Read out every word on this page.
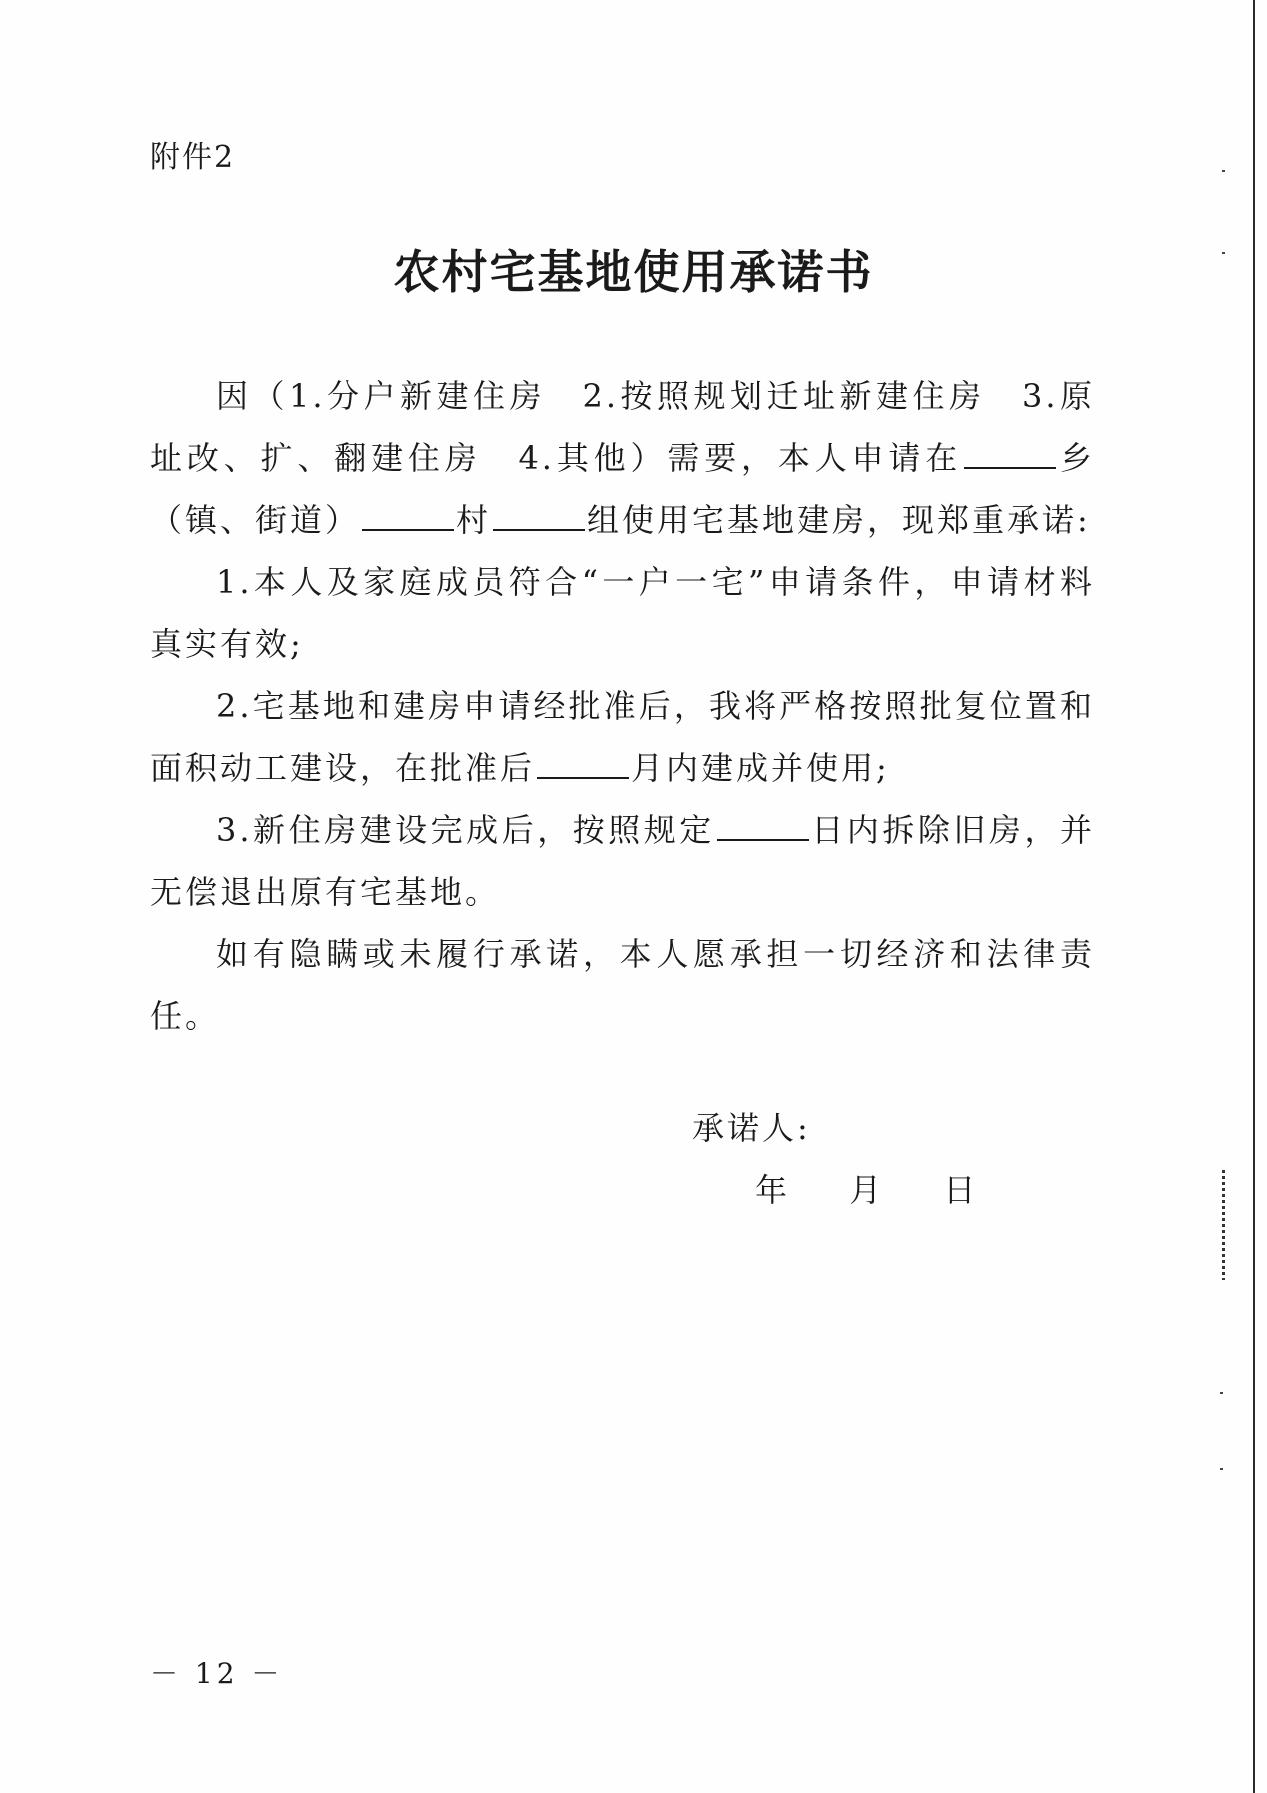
附件2
农村宅基地使用承诺书

因（1.分户新建住房　2.按照规划迁址新建住房　3.原址改、扩、翻建住房　4.其他）需要，本人申请在	乡（镇、街道）	村	组使用宅基地建房，现郑重承诺:

1.本人及家庭成员符合“一户一宅”申请条件，申请材料真实有效;

2.宅基地和建房申请经批准后，我将严格按照批复位置和面积动工建设，在批准后	月内建成并使用;

3.新住房建设完成后，按照规定	日内拆除旧房，并无偿退出原有宅基地。

如有隐瞒或未履行承诺，本人愿承担一切经济和法律责任。

承诺人:
年 月 日
－ 12 －
